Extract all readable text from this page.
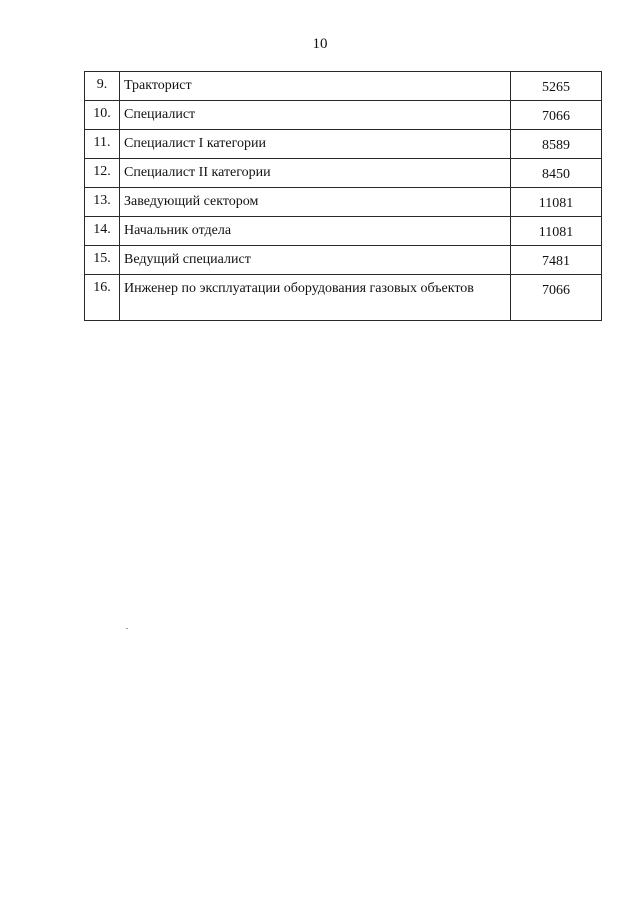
10
9.	Тракторист	5265
10.	Специалист	7066
11.	Специалист I категории	8589
12.	Специалист II категории	8450
13.	Заведующий сектором	11081
14.	Начальник отдела	11081
15.	Ведущий специалист	7481
16.	Инженер по эксплуатации оборудования газовых объектов	7066
